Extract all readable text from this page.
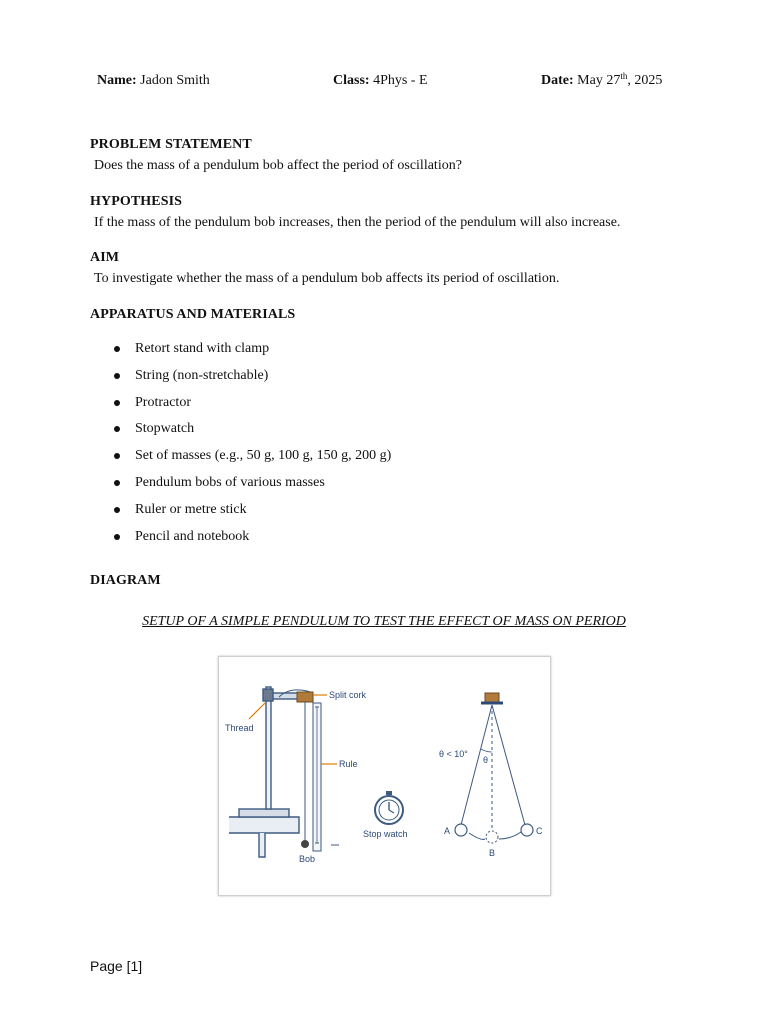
Name: Jadon Smith	Class: 4Phys - E	Date: May 27th, 2025
PROBLEM STATEMENT
Does the mass of a pendulum bob affect the period of oscillation?
HYPOTHESIS
If the mass of the pendulum bob increases, then the period of the pendulum will also increase.
AIM
To investigate whether the mass of a pendulum bob affects its period of oscillation.
APPARATUS AND MATERIALS
Retort stand with clamp
String (non-stretchable)
Protractor
Stopwatch
Set of masses (e.g., 50 g, 100 g, 150 g, 200 g)
Pendulum bobs of various masses
Ruler or metre stick
Pencil and notebook
DIAGRAM
SETUP OF A SIMPLE PENDULUM TO TEST THE EFFECT OF MASS ON PERIOD
Split cork
Thread
Bob
Rule
Stop watch
θ < 10°
θ
A
B
C
Page [1]
